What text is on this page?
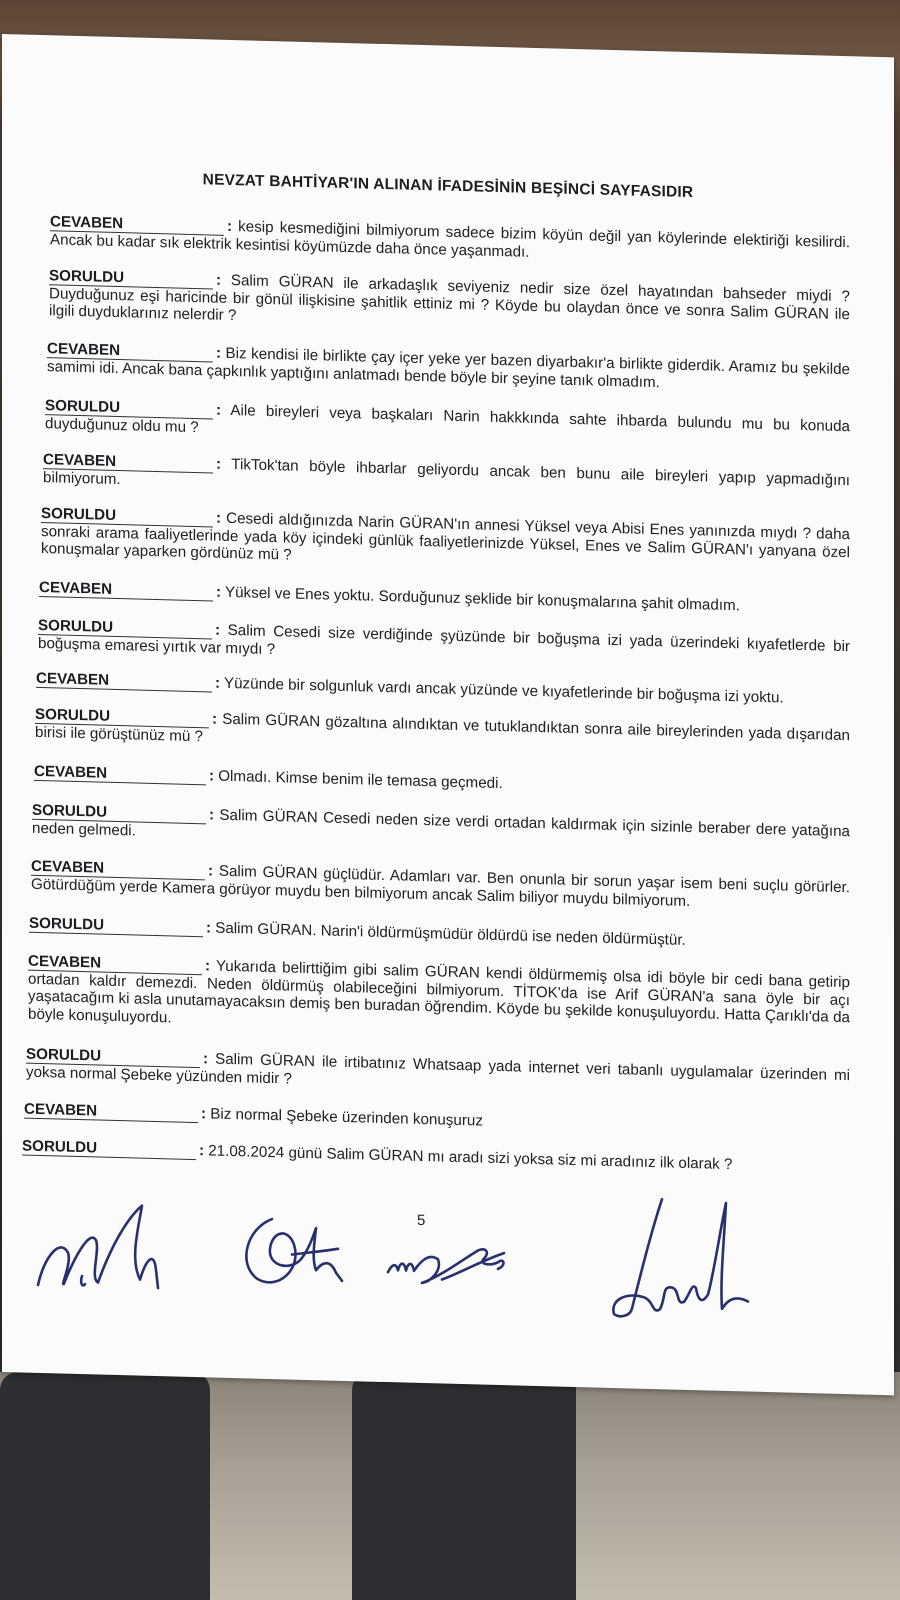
NEVZAT BAHTİYAR'IN ALINAN İFADESİNİN BEŞİNCİ SAYFASIDIR
CEVABEN	: kesip kesmediğini bilmiyorum sadece bizim köyün değil yan köylerinde elektiriği kesilirdi. Ancak bu kadar sık elektrik kesintisi köyümüzde daha önce yaşanmadı.
SORULDU	: Salim GÜRAN ile arkadaşlık seviyeniz nedir size özel hayatından bahseder miydi ? Duyduğunuz eşi haricinde bir gönül ilişkisine şahitlik ettiniz mi ? Köyde bu olaydan önce ve sonra Salim GÜRAN ile ilgili duyduklarınız nelerdir ?
CEVABEN	: Biz kendisi ile birlikte çay içer yeke yer bazen diyarbakır'a birlikte giderdik. Aramız bu şekilde samimi idi. Ancak bana çapkınlık yaptığını anlatmadı bende böyle bir şeyine tanık olmadım.
SORULDU	: Aile bireyleri veya başkaları Narin hakkkında sahte ihbarda bulundu mu bu konuda duyduğunuz oldu mu ?
CEVABEN	: TikTok'tan böyle ihbarlar geliyordu ancak ben bunu aile bireyleri yapıp yapmadığını bilmiyorum.
SORULDU	: Cesedi aldığınızda Narin GÜRAN'ın annesi Yüksel veya Abisi Enes yanınızda mıydı ? daha sonraki arama faaliyetlerinde yada köy içindeki günlük faaliyetlerinizde Yüksel, Enes ve Salim GÜRAN'ı yanyana özel konuşmalar yaparken gördünüz mü ?
CEVABEN	: Yüksel ve Enes yoktu. Sorduğunuz şeklide bir konuşmalarına şahit olmadım.
SORULDU	: Salim Cesedi size verdiğinde şyüzünde bir boğuşma izi yada üzerindeki kıyafetlerde bir boğuşma emaresi yırtık var mıydı ?
CEVABEN	: Yüzünde bir solgunluk vardı ancak yüzünde ve kıyafetlerinde bir boğuşma izi yoktu.
SORULDU	: Salim GÜRAN gözaltına alındıktan ve tutuklandıktan sonra aile bireylerinden yada dışarıdan birisi ile görüştünüz mü ?
CEVABEN	: Olmadı. Kimse benim ile temasa geçmedi.
SORULDU	: Salim GÜRAN Cesedi neden size verdi ortadan kaldırmak için sizinle beraber dere yatağına neden gelmedi.
CEVABEN	: Salim GÜRAN güçlüdür. Adamları var. Ben onunla bir sorun yaşar isem beni suçlu görürler. Götürdüğüm yerde Kamera görüyor muydu ben bilmiyorum ancak Salim biliyor muydu bilmiyorum.
SORULDU	: Salim GÜRAN. Narin'i öldürmüşmüdür öldürdü ise neden öldürmüştür.
CEVABEN	: Yukarıda belirttiğim gibi salim GÜRAN kendi öldürmemiş olsa idi böyle bir cedi bana getirip ortadan kaldır demezdi. Neden öldürmüş olabileceğini bilmiyorum. TİTOK'da ise Arif GÜRAN'a sana öyle bir açı yaşatacağım ki asla unutamayacaksın demiş ben buradan öğrendim. Köyde bu şekilde konuşuluyordu. Hatta Çarıklı'da da böyle konuşuluyordu.
SORULDU	: Salim GÜRAN ile irtibatınız Whatsaap yada internet veri tabanlı uygulamalar üzerinden mi yoksa normal Şebeke yüzünden midir ?
CEVABEN	: Biz normal Şebeke üzerinden konuşuruz
SORULDU	: 21.08.2024 günü Salim GÜRAN mı aradı sizi yoksa siz mi aradınız ilk olarak ?
5
